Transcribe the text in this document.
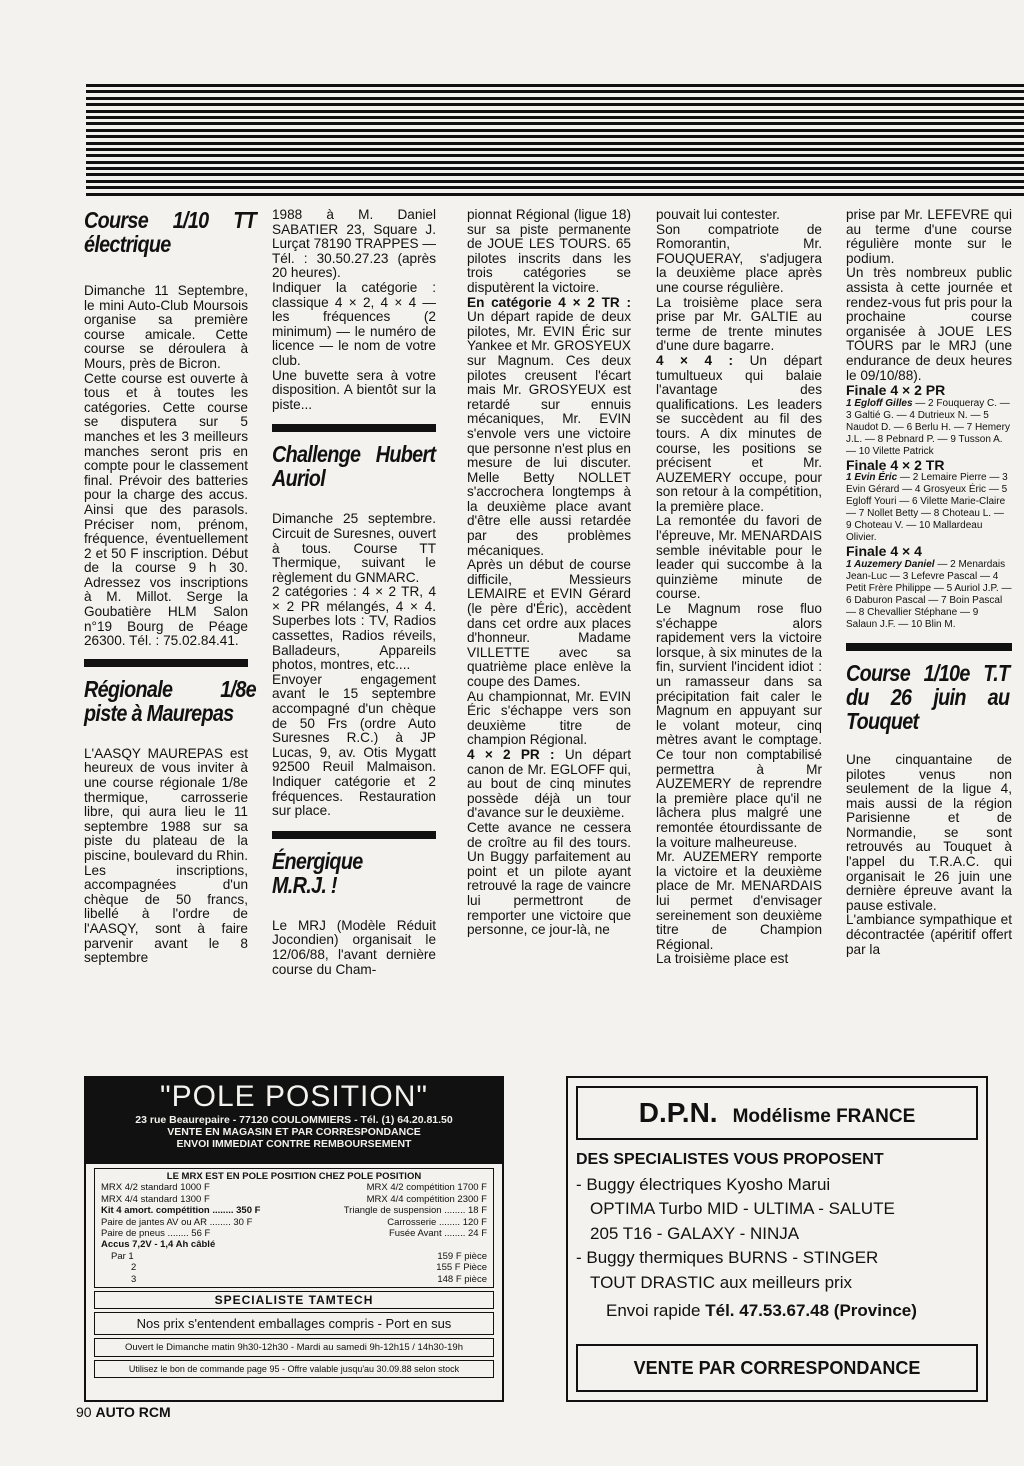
Course 1/10 TT électrique

Dimanche 11 Septembre, le mini Auto-Club Moursois organise sa première course amicale. Cette course se déroulera à Mours, près de Bicron.

Cette course est ouverte à tous et à toutes les catégories. Cette course se disputera sur 5 manches et les 3 meilleurs manches seront pris en compte pour le classement final. Prévoir des batteries pour la charge des accus. Ainsi que des parasols. Préciser nom, prénom, fréquence, éventuellement 2 et 50 F inscription. Début de la course 9 h 30. Adressez vos inscriptions à M. Millot. Serge la Goubatière HLM Salon n°19 Bourg de Péage 26300. Tél. : 75.02.84.41.

Régionale 1/8e piste à Maurepas

L'AASQY MAUREPAS est heureux de vous inviter à une course régionale 1/8e thermique, carrosserie libre, qui aura lieu le 11 septembre 1988 sur sa piste du plateau de la piscine, boulevard du Rhin.

Les inscriptions, accompagnées d'un chèque de 50 francs, libellé à l'ordre de l'AASQY, sont à faire parvenir avant le 8 septembre

1988 à M. Daniel SABATIER 23, Square J. Lurçat 78190 TRAPPES — Tél. : 30.50.27.23 (après 20 heures).

Indiquer la catégorie : classique 4 × 2, 4 × 4 — les fréquences (2 minimum) — le numéro de licence — le nom de votre club.

Une buvette sera à votre disposition. A bientôt sur la piste...

Challenge Hubert Auriol

Dimanche 25 septembre. Circuit de Suresnes, ouvert à tous. Course TT Thermique, suivant le règlement du GNMARC.

2 catégories : 4 × 2 TR, 4 × 2 PR mélangés, 4 × 4. Superbes lots : TV, Radios cassettes, Radios réveils, Balladeurs, Appareils photos, montres, etc....

Envoyer engagement avant le 15 septembre accompagné d'un chèque de 50 Frs (ordre Auto Suresnes R.C.) à JP Lucas, 9, av. Otis Mygatt 92500 Reuil Malmaison. Indiquer catégorie et 2 fréquences. Restauration sur place.

Énergique M.R.J. !

Le MRJ (Modèle Réduit Jocondien) organisait le 12/06/88, l'avant dernière course du Cham-

pionnat Régional (ligue 18) sur sa piste permanente de JOUE LES TOURS. 65 pilotes inscrits dans les trois catégories se disputèrent la victoire.

En catégorie 4 × 2 TR : Un départ rapide de deux pilotes, Mr. EVIN Éric sur Yankee et Mr. GROSYEUX sur Magnum. Ces deux pilotes creusent l'écart mais Mr. GROSYEUX est retardé sur ennuis mécaniques, Mr. EVIN s'envole vers une victoire que personne n'est plus en mesure de lui discuter. Melle Betty NOLLET s'accrochera longtemps à la deuxième place avant d'être elle aussi retardée par des problèmes mécaniques.

Après un début de course difficile, Messieurs LEMAIRE et EVIN Gérard (le père d'Éric), accèdent dans cet ordre aux places d'honneur. Madame VILLETTE avec sa quatrième place enlève la coupe des Dames.

Au championnat, Mr. EVIN Éric s'échappe vers son deuxième titre de champion Régional.

4 × 2 PR : Un départ canon de Mr. EGLOFF qui, au bout de cinq minutes possède déjà un tour d'avance sur le deuxième.

Cette avance ne cessera de croître au fil des tours. Un Buggy parfaitement au point et un pilote ayant retrouvé la rage de vaincre lui permettront de remporter une victoire que personne, ce jour-là, ne

pouvait lui contester.

Son compatriote de Romorantin, Mr. FOUQUERAY, s'adjugera la deuxième place après une course régulière.

La troisième place sera prise par Mr. GALTIE au terme de trente minutes d'une dure bagarre.

4 × 4 : Un départ tumultueux qui balaie l'avantage des qualifications. Les leaders se succèdent au fil des tours. A dix minutes de course, les positions se précisent et Mr. AUZEMERY occupe, pour son retour à la compétition, la première place.

La remontée du favori de l'épreuve, Mr. MENARDAIS semble inévitable pour le leader qui succombe à la quinzième minute de course.

Le Magnum rose fluo s'échappe alors rapidement vers la victoire lorsque, à six minutes de la fin, survient l'incident idiot : un ramasseur dans sa précipitation fait caler le Magnum en appuyant sur le volant moteur, cinq mètres avant le comptage. Ce tour non comptabilisé permettra à Mr AUZEMERY de reprendre la première place qu'il ne lâchera plus malgré une remontée étourdissante de la voiture malheureuse.

Mr. AUZEMERY remporte la victoire et la deuxième place de Mr. MENARDAIS lui permet d'envisager sereinement son deuxième titre de Champion Régional.

La troisième place est

prise par Mr. LEFEVRE qui au terme d'une course régulière monte sur le podium.

Un très nombreux public assista à cette journée et rendez-vous fut pris pour la prochaine course organisée à JOUE LES TOURS par le MRJ (une endurance de deux heures le 09/10/88).

Finale 4 × 2 PR

1 Egloff Gilles — 2 Fouqueray C. — 3 Galtié G. — 4 Dutrieux N. — 5 Naudot D. — 6 Berlu H. — 7 Hemery J.L. — 8 Pebnard P. — 9 Tusson A. — 10 Vilette Patrick

Finale 4 × 2 TR

1 Evin Éric — 2 Lemaire Pierre — 3 Evin Gérard — 4 Grosyeux Éric — 5 Egloff Youri — 6 Vilette Marie-Claire — 7 Nollet Betty — 8 Choteau L. — 9 Choteau V. — 10 Mallardeau Olivier.

Finale 4 × 4

1 Auzemery Daniel — 2 Menardais Jean-Luc — 3 Lefevre Pascal — 4 Petit Frère Philippe — 5 Auriol J.P. — 6 Daburon Pascal — 7 Boin Pascal — 8 Chevallier Stéphane — 9 Salaun J.F. — 10 Blin M.

Course 1/10e T.T du 26 juin au Touquet

Une cinquantaine de pilotes venus non seulement de la ligue 4, mais aussi de la région Parisienne et de Normandie, se sont retrouvés au Touquet à l'appel du T.R.A.C. qui organisait le 26 juin une dernière épreuve avant la pause estivale.

L'ambiance sympathique et décontractée (apéritif offert par la

"POLE POSITION"
23 rue Beaurepaire - 77120 COULOMMIERS - Tél. (1) 64.20.81.50
VENTE EN MAGASIN ET PAR CORRESPONDANCE
ENVOI IMMEDIAT CONTRE REMBOURSEMENT
LE MRX EST EN POLE POSITION CHEZ POLE POSITION
MRX 4/2 standard 1000 F	MRX 4/2 compétition 1700 F
MRX 4/4 standard 1300 F	MRX 4/4 compétition 2300 F
Kit 4 amort. compétition ........ 350 F	Triangle de suspension ........ 18 F
Paire de jantes AV ou AR ........ 30 F	Carrosserie ........ 120 F
Paire de pneus ........ 56 F	Fusée Avant ........ 24 F
Accus 7,2V - 1,4 Ah câblé
Par 1	159 F pièce
2	155 F Pièce
3	148 F pièce
SPECIALISTE TAMTECH
Nos prix s'entendent emballages compris - Port en sus
Ouvert le Dimanche matin 9h30-12h30 - Mardi au samedi 9h-12h15 / 14h30-19h
Utilisez le bon de commande page 95 - Offre valable jusqu'au 30.09.88 selon stock
D.P.N. Modélisme FRANCE
DES SPECIALISTES VOUS PROPOSENT
- Buggy électriques Kyosho Marui
OPTIMA Turbo MID - ULTIMA - SALUTE
205 T16 - GALAXY - NINJA
- Buggy thermiques BURNS - STINGER
TOUT DRASTIC aux meilleurs prix
Envoi rapide Tél. 47.53.67.48 (Province)
VENTE PAR CORRESPONDANCE
90 AUTO RCM
